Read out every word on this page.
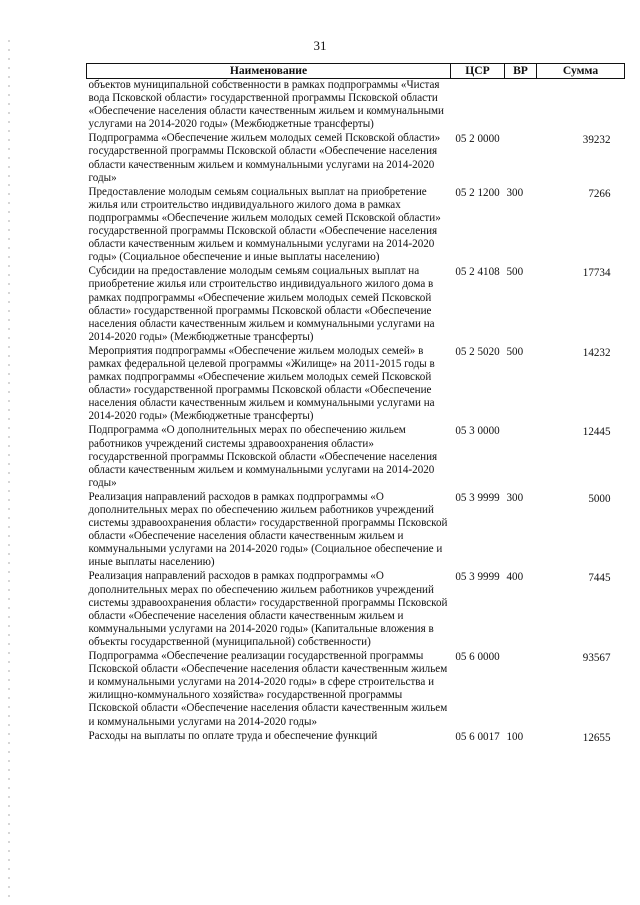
31
Наименование	ЦСР	ВР	Сумма
объектов муниципальной собственности в рамках подпрограммы «Чистая вода Псковской области» государственной программы Псковской области «Обеспечение населения области качественным жильем и коммунальными услугами на 2014-2020 годы» (Межбюджетные трансферты)			
Подпрограмма «Обеспечение жильем молодых семей Псковской области» государственной программы Псковской области «Обеспечение населения области качественным жильем и коммунальными услугами на 2014-2020 годы»	05 2 0000		39232
Предоставление молодым семьям социальных выплат на приобретение жилья или строительство индивидуального жилого дома в рамках подпрограммы «Обеспечение жильем молодых семей Псковской области» государственной программы Псковской области «Обеспечение населения области качественным жильем и коммунальными услугами на 2014-2020 годы» (Социальное обеспечение и иные выплаты населению)	05 2 1200	300	7266
Субсидии на предоставление молодым семьям социальных выплат на приобретение жилья или строительство индивидуального жилого дома в рамках подпрограммы «Обеспечение жильем молодых семей Псковской области» государственной программы Псковской области «Обеспечение населения области качественным жильем и коммунальными услугами на 2014-2020 годы» (Межбюджетные трансферты)	05 2 4108	500	17734
Мероприятия подпрограммы «Обеспечение жильем молодых семей» в рамках федеральной целевой программы «Жилище» на 2011-2015 годы в рамках подпрограммы «Обеспечение жильем молодых семей Псковской области» государственной программы Псковской области «Обеспечение населения области качественным жильем и коммунальными услугами на 2014-2020 годы» (Межбюджетные трансферты)	05 2 5020	500	14232
Подпрограмма «О дополнительных мерах по обеспечению жильем работников учреждений системы здравоохранения области» государственной программы Псковской области «Обеспечение населения области качественным жильем и коммунальными услугами на 2014-2020 годы»	05 3 0000		12445
Реализация направлений расходов в рамках подпрограммы «О дополнительных мерах по обеспечению жильем работников учреждений системы здравоохранения области» государственной программы Псковской области «Обеспечение населения области качественным жильем и коммунальными услугами на 2014-2020 годы» (Социальное обеспечение и иные выплаты населению)	05 3 9999	300	5000
Реализация направлений расходов в рамках подпрограммы «О дополнительных мерах по обеспечению жильем работников учреждений системы здравоохранения области» государственной программы Псковской области «Обеспечение населения области качественным жильем и коммунальными услугами на 2014-2020 годы» (Капитальные вложения в объекты государственной (муниципальной) собственности)	05 3 9999	400	7445
Подпрограмма «Обеспечение реализации государственной программы Псковской области «Обеспечение населения области качественным жильем и коммунальными услугами на 2014-2020 годы» в сфере строительства и жилищно-коммунального хозяйства» государственной программы Псковской области «Обеспечение населения области качественным жильем и коммунальными услугами на 2014-2020 годы»	05 6 0000		93567
Расходы на выплаты по оплате труда и обеспечение функций	05 6 0017	100	12655
